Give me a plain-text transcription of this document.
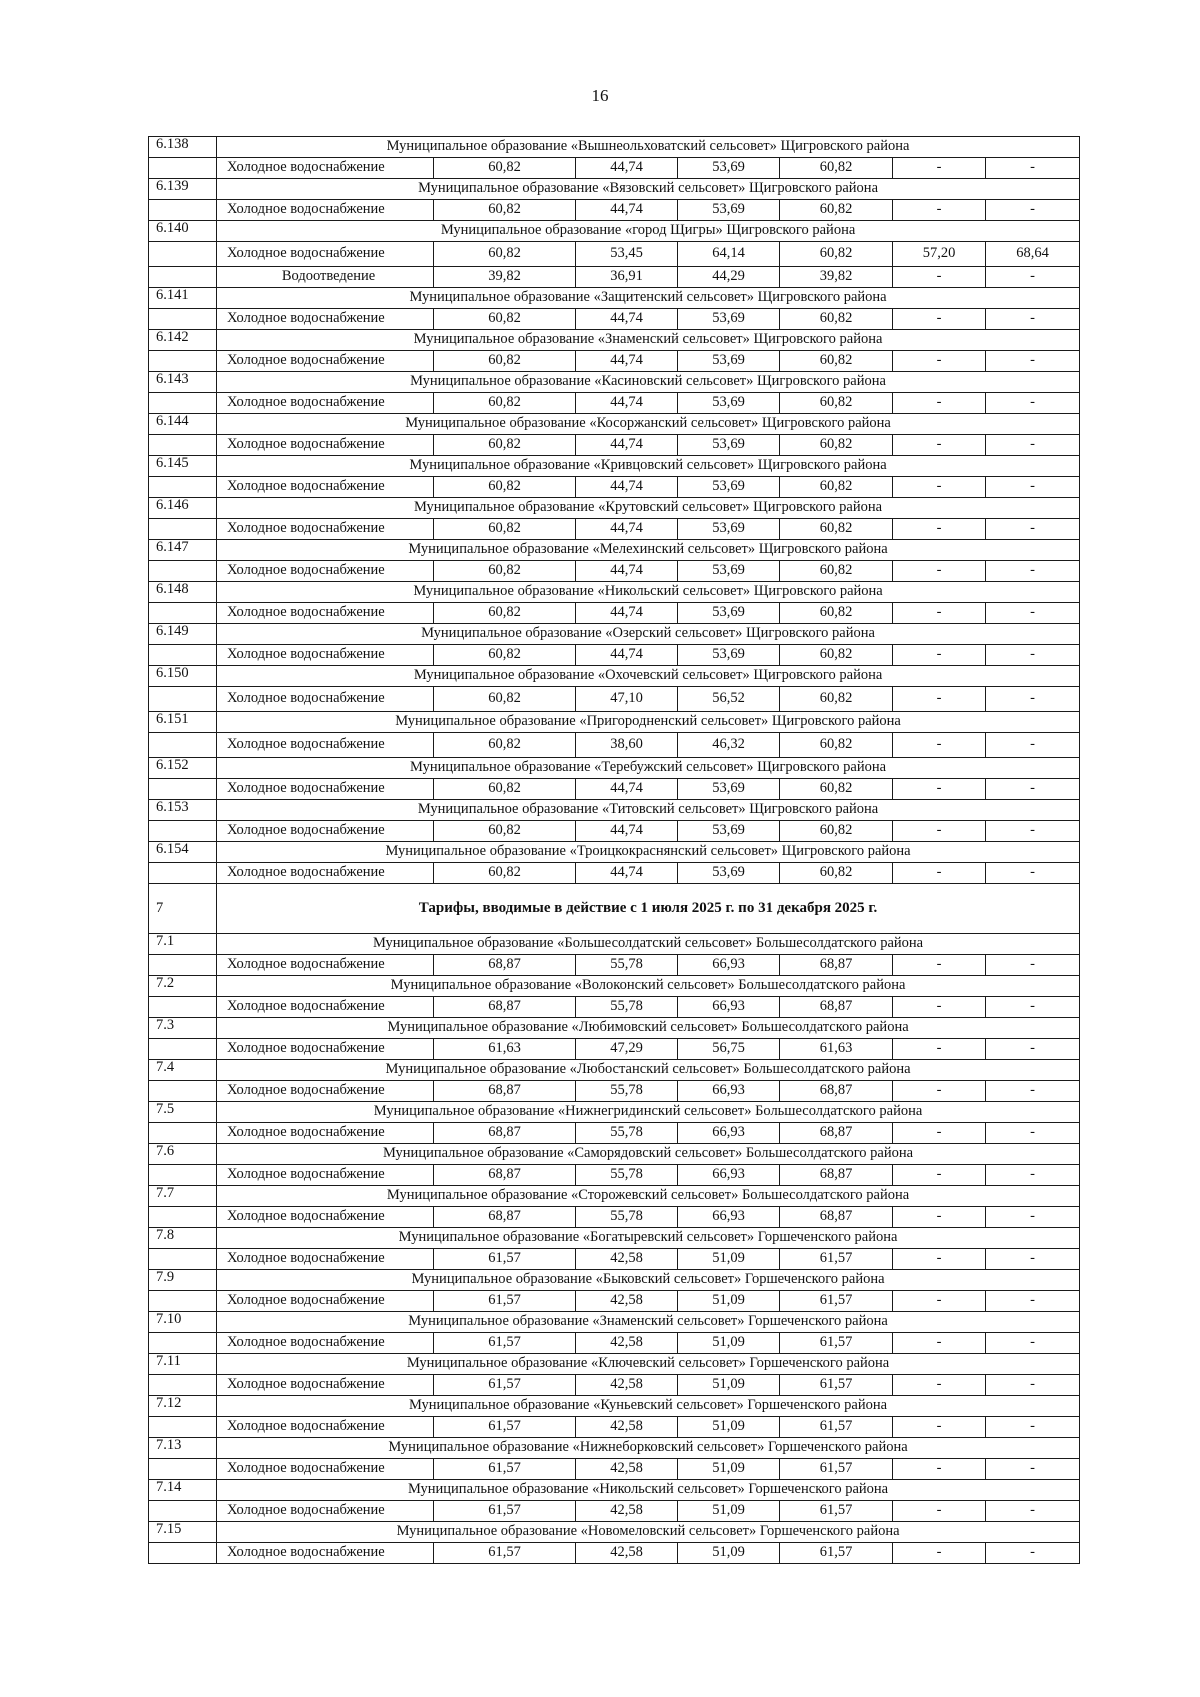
16
6.138	Муниципальное образование «Вышнеольховатский сельсовет» Щигровского района						
	Холодное водоснабжение	60,82	44,74	53,69	60,82	-	-
6.139	Муниципальное образование «Вязовский сельсовет» Щигровского района						
	Холодное водоснабжение	60,82	44,74	53,69	60,82	-	-
6.140	Муниципальное образование «город Щигры» Щигровского района						
	Холодное водоснабжение	60,82	53,45	64,14	60,82	57,20	68,64
	Водоотведение	39,82	36,91	44,29	39,82	-	-
6.141	Муниципальное образование «Защитенский сельсовет» Щигровского района						
	Холодное водоснабжение	60,82	44,74	53,69	60,82	-	-
6.142	Муниципальное образование «Знаменский сельсовет» Щигровского района						
	Холодное водоснабжение	60,82	44,74	53,69	60,82	-	-
6.143	Муниципальное образование «Касиновский сельсовет» Щигровского района						
	Холодное водоснабжение	60,82	44,74	53,69	60,82	-	-
6.144	Муниципальное образование «Косоржанский сельсовет» Щигровского района						
	Холодное водоснабжение	60,82	44,74	53,69	60,82	-	-
6.145	Муниципальное образование «Кривцовский сельсовет» Щигровского района						
	Холодное водоснабжение	60,82	44,74	53,69	60,82	-	-
6.146	Муниципальное образование «Крутовский сельсовет» Щигровского района						
	Холодное водоснабжение	60,82	44,74	53,69	60,82	-	-
6.147	Муниципальное образование «Мелехинский сельсовет» Щигровского района						
	Холодное водоснабжение	60,82	44,74	53,69	60,82	-	-
6.148	Муниципальное образование «Никольский сельсовет» Щигровского района						
	Холодное водоснабжение	60,82	44,74	53,69	60,82	-	-
6.149	Муниципальное образование «Озерский сельсовет» Щигровского района						
	Холодное водоснабжение	60,82	44,74	53,69	60,82	-	-
6.150	Муниципальное образование «Охочевский сельсовет» Щигровского района						
	Холодное водоснабжение	60,82	47,10	56,52	60,82	-	-
6.151	Муниципальное образование «Пригородненский сельсовет» Щигровского района						
	Холодное водоснабжение	60,82	38,60	46,32	60,82	-	-
6.152	Муниципальное образование «Теребужский сельсовет» Щигровского района						
	Холодное водоснабжение	60,82	44,74	53,69	60,82	-	-
6.153	Муниципальное образование «Титовский сельсовет» Щигровского района						
	Холодное водоснабжение	60,82	44,74	53,69	60,82	-	-
6.154	Муниципальное образование «Троицкокраснянский сельсовет» Щигровского района						
	Холодное водоснабжение	60,82	44,74	53,69	60,82	-	-
7	Тарифы, вводимые в действие с 1 июля 2025 г. по 31 декабря 2025 г.						
7.1	Муниципальное образование «Большесолдатский сельсовет» Большесолдатского района						
	Холодное водоснабжение	68,87	55,78	66,93	68,87	-	-
7.2	Муниципальное образование «Волоконский сельсовет» Большесолдатского района						
	Холодное водоснабжение	68,87	55,78	66,93	68,87	-	-
7.3	Муниципальное образование «Любимовский сельсовет» Большесолдатского района						
	Холодное водоснабжение	61,63	47,29	56,75	61,63	-	-
7.4	Муниципальное образование «Любостанский сельсовет» Большесолдатского района						
	Холодное водоснабжение	68,87	55,78	66,93	68,87	-	-
7.5	Муниципальное образование «Нижнегридинский сельсовет» Большесолдатского района						
	Холодное водоснабжение	68,87	55,78	66,93	68,87	-	-
7.6	Муниципальное образование «Саморядовский сельсовет» Большесолдатского района						
	Холодное водоснабжение	68,87	55,78	66,93	68,87	-	-
7.7	Муниципальное образование «Сторожевский сельсовет» Большесолдатского района						
	Холодное водоснабжение	68,87	55,78	66,93	68,87	-	-
7.8	Муниципальное образование «Богатыревский сельсовет» Горшеченского района						
	Холодное водоснабжение	61,57	42,58	51,09	61,57	-	-
7.9	Муниципальное образование «Быковский сельсовет» Горшеченского района						
	Холодное водоснабжение	61,57	42,58	51,09	61,57	-	-
7.10	Муниципальное образование «Знаменский сельсовет» Горшеченского района						
	Холодное водоснабжение	61,57	42,58	51,09	61,57	-	-
7.11	Муниципальное образование «Ключевский сельсовет» Горшеченского района						
	Холодное водоснабжение	61,57	42,58	51,09	61,57	-	-
7.12	Муниципальное образование «Куньевский сельсовет» Горшеченского района						
	Холодное водоснабжение	61,57	42,58	51,09	61,57	-	-
7.13	Муниципальное образование «Нижнеборковский сельсовет» Горшеченского района						
	Холодное водоснабжение	61,57	42,58	51,09	61,57	-	-
7.14	Муниципальное образование «Никольский сельсовет» Горшеченского района						
	Холодное водоснабжение	61,57	42,58	51,09	61,57	-	-
7.15	Муниципальное образование «Новомеловский сельсовет» Горшеченского района						
	Холодное водоснабжение	61,57	42,58	51,09	61,57	-	-
